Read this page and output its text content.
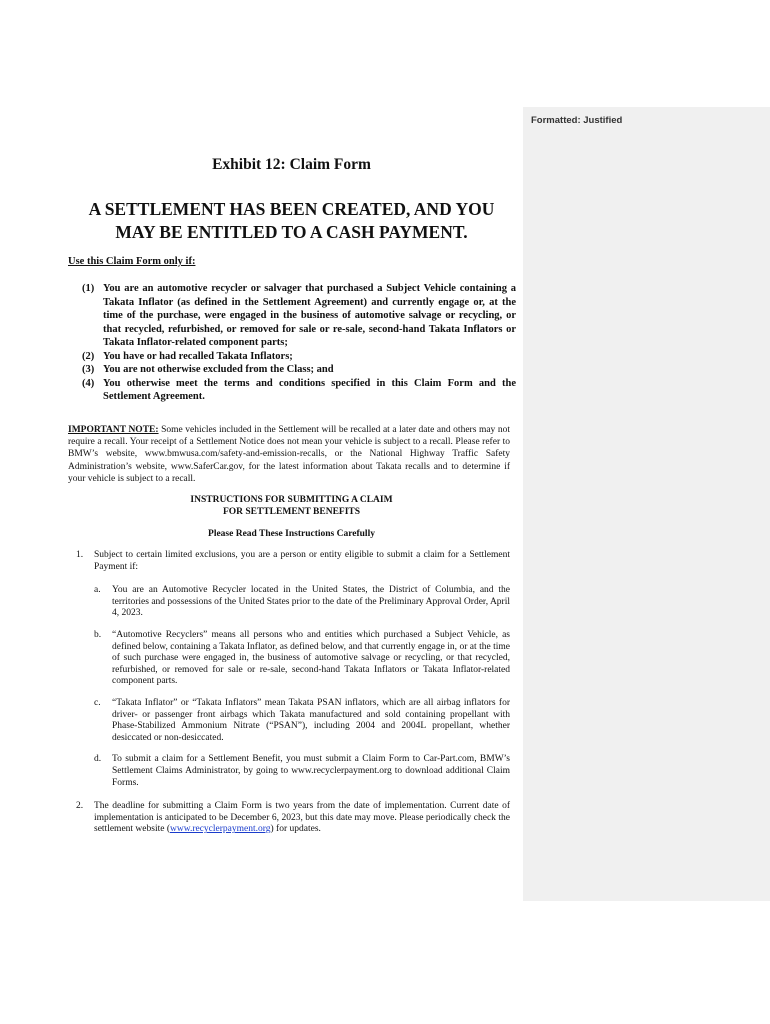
Exhibit 12: Claim Form
A SETTLEMENT HAS BEEN CREATED, AND YOU
MAY BE ENTITLED TO A CASH PAYMENT.
Use this Claim Form only if:
(1) You are an automotive recycler or salvager that purchased a Subject Vehicle containing a Takata Inflator (as defined in the Settlement Agreement) and currently engage or, at the time of the purchase, were engaged in the business of automotive salvage or recycling, or that recycled, refurbished, or removed for sale or re-sale, second-hand Takata Inflators or Takata Inflator-related component parts;
(2) You have or had recalled Takata Inflators;
(3) You are not otherwise excluded from the Class; and
(4) You otherwise meet the terms and conditions specified in this Claim Form and the Settlement Agreement.
IMPORTANT NOTE: Some vehicles included in the Settlement will be recalled at a later date and others may not require a recall. Your receipt of a Settlement Notice does not mean your vehicle is subject to a recall. Please refer to BMW’s website, www.bmwusa.com/safety-and-emission-recalls, or the National Highway Traffic Safety Administration’s website, www.SaferCar.gov, for the latest information about Takata recalls and to determine if your vehicle is subject to a recall.
INSTRUCTIONS FOR SUBMITTING A CLAIM
FOR SETTLEMENT BENEFITS
Please Read These Instructions Carefully
1.	Subject to certain limited exclusions, you are a person or entity eligible to submit a claim for a Settlement Payment if:
a.	You are an Automotive Recycler located in the United States, the District of Columbia, and the territories and possessions of the United States prior to the date of the Preliminary Approval Order, April 4, 2023.
b.	“Automotive Recyclers” means all persons who and entities which purchased a Subject Vehicle, as defined below, containing a Takata Inflator, as defined below, and that currently engage in, or at the time of such purchase were engaged in, the business of automotive salvage or recycling, or that recycled, refurbished, or removed for sale or re-sale, second-hand Takata Inflators or Takata Inflator-related component parts.
c.	“Takata Inflator” or “Takata Inflators” mean Takata PSAN inflators, which are all airbag inflators for driver- or passenger front airbags which Takata manufactured and sold containing propellant with Phase-Stabilized Ammonium Nitrate (“PSAN”), including 2004 and 2004L propellant, whether desiccated or non-desiccated.
d.	To submit a claim for a Settlement Benefit, you must submit a Claim Form to Car-Part.com, BMW’s Settlement Claims Administrator, by going to www.recyclerpayment.org to download additional Claim Forms.
2.	The deadline for submitting a Claim Form is two years from the date of implementation. Current date of implementation is anticipated to be December 6, 2023, but this date may move. Please periodically check the settlement website (www.recyclerpayment.org) for updates.
Formatted: Justified
